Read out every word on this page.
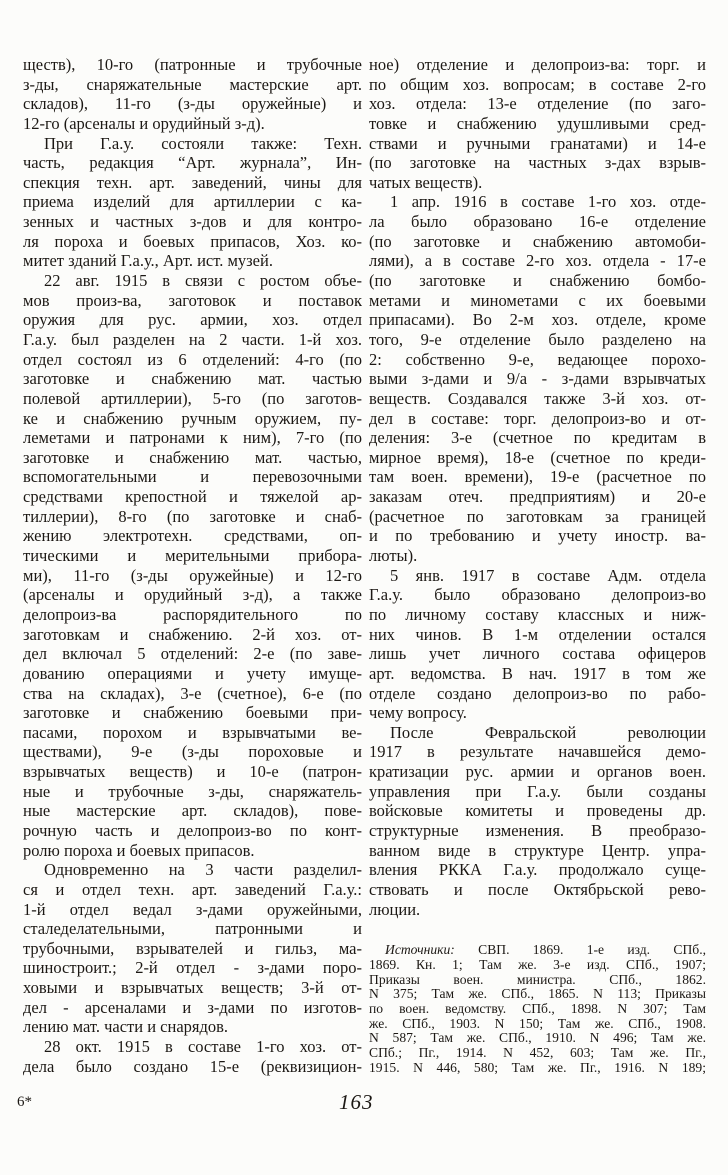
ществ), 10-го (патронные и трубочные
з-ды, снаряжательные мастерские арт.
складов), 11-го (з-ды оружейные) и
12-го (арсеналы и орудийный з-д).
При Г.а.у. состояли также: Техн.
часть, редакция “Арт. журнала”, Ин-
спекция техн. арт. заведений, чины для
приема изделий для артиллерии с ка-
зенных и частных з-дов и для контро-
ля пороха и боевых припасов, Хоз. ко-
митет зданий Г.а.у., Арт. ист. музей.
22 авг. 1915 в связи с ростом объе-
мов произ-ва, заготовок и поставок
оружия для рус. армии, хоз. отдел
Г.а.у. был разделен на 2 части. 1-й хоз.
отдел состоял из 6 отделений: 4-го (по
заготовке и снабжению мат. частью
полевой артиллерии), 5-го (по заготов-
ке и снабжению ручным оружием, пу-
леметами и патронами к ним), 7-го (по
заготовке и снабжению мат. частью,
вспомогательными и перевозочными
средствами крепостной и тяжелой ар-
тиллерии), 8-го (по заготовке и снаб-
жению электротехн. средствами, оп-
тическими и мерительными прибора-
ми), 11-го (з-ды оружейные) и 12-го
(арсеналы и орудийный з-д), а также
делопроиз-ва распорядительного по
заготовкам и снабжению. 2-й хоз. от-
дел включал 5 отделений: 2-е (по заве-
дованию операциями и учету имуще-
ства на складах), 3-е (счетное), 6-е (по
заготовке и снабжению боевыми при-
пасами, порохом и взрывчатыми ве-
ществами), 9-е (з-ды пороховые и
взрывчатых веществ) и 10-е (патрон-
ные и трубочные з-ды, снаряжатель-
ные мастерские арт. складов), пове-
рочную часть и делопроиз-во по конт-
ролю пороха и боевых припасов.
Одновременно на 3 части разделил-
ся и отдел техн. арт. заведений Г.а.у.:
1-й отдел ведал з-дами оружейными,
сталеделательными, патронными и
трубочными, взрывателей и гильз, ма-
шиностроит.; 2-й отдел - з-дами поро-
ховыми и взрывчатых веществ; 3-й от-
дел - арсеналами и з-дами по изготов-
лению мат. части и снарядов.
28 окт. 1915 в составе 1-го хоз. от-
дела было создано 15-е (реквизицион-
ное) отделение и делопроиз-ва: торг. и
по общим хоз. вопросам; в составе 2-го
хоз. отдела: 13-е отделение (по заго-
товке и снабжению удушливыми сред-
ствами и ручными гранатами) и 14-е
(по заготовке на частных з-дах взрыв-
чатых веществ).
1 апр. 1916 в составе 1-го хоз. отде-
ла было образовано 16-е отделение
(по заготовке и снабжению автомоби-
лями), а в составе 2-го хоз. отдела - 17-е
(по заготовке и снабжению бомбо-
метами и минометами с их боевыми
припасами). Во 2-м хоз. отделе, кроме
того, 9-е отделение было разделено на
2: собственно 9-е, ведающее порохо-
выми з-дами и 9/а - з-дами взрывчатых
веществ. Создавался также 3-й хоз. от-
дел в составе: торг. делопроиз-во и от-
деления: 3-е (счетное по кредитам в
мирное время), 18-е (счетное по креди-
там воен. времени), 19-е (расчетное по
заказам отеч. предприятиям) и 20-е
(расчетное по заготовкам за границей
и по требованию и учету иностр. ва-
люты).
5 янв. 1917 в составе Адм. отдела
Г.а.у. было образовано делопроиз-во
по личному составу классных и ниж-
них чинов. В 1-м отделении остался
лишь учет личного состава офицеров
арт. ведомства. В нач. 1917 в том же
отделе создано делопроиз-во по рабо-
чему вопросу.
После Февральской революции
1917 в результате начавшейся демо-
кратизации рус. армии и органов воен.
управления при Г.а.у. были созданы
войсковые комитеты и проведены др.
структурные изменения. В преобразо-
ванном виде в структуре Центр. упра-
вления РККА Г.а.у. продолжало суще-
ствовать и после Октябрьской рево-
люции.
Источники: СВП. 1869. 1-е изд. СПб.,
1869. Кн. 1; Там же. 3-е изд. СПб., 1907;
Приказы воен. министра. СПб., 1862.
N 375; Там же. СПб., 1865. N 113; Приказы
по воен. ведомству. СПб., 1898. N 307; Там
же. СПб., 1903. N 150; Там же. СПб., 1908.
N 587; Там же. СПб., 1910. N 496; Там же.
СПб.; Пг., 1914. N 452, 603; Там же. Пг.,
1915. N 446, 580; Там же. Пг., 1916. N 189;
6*	163
